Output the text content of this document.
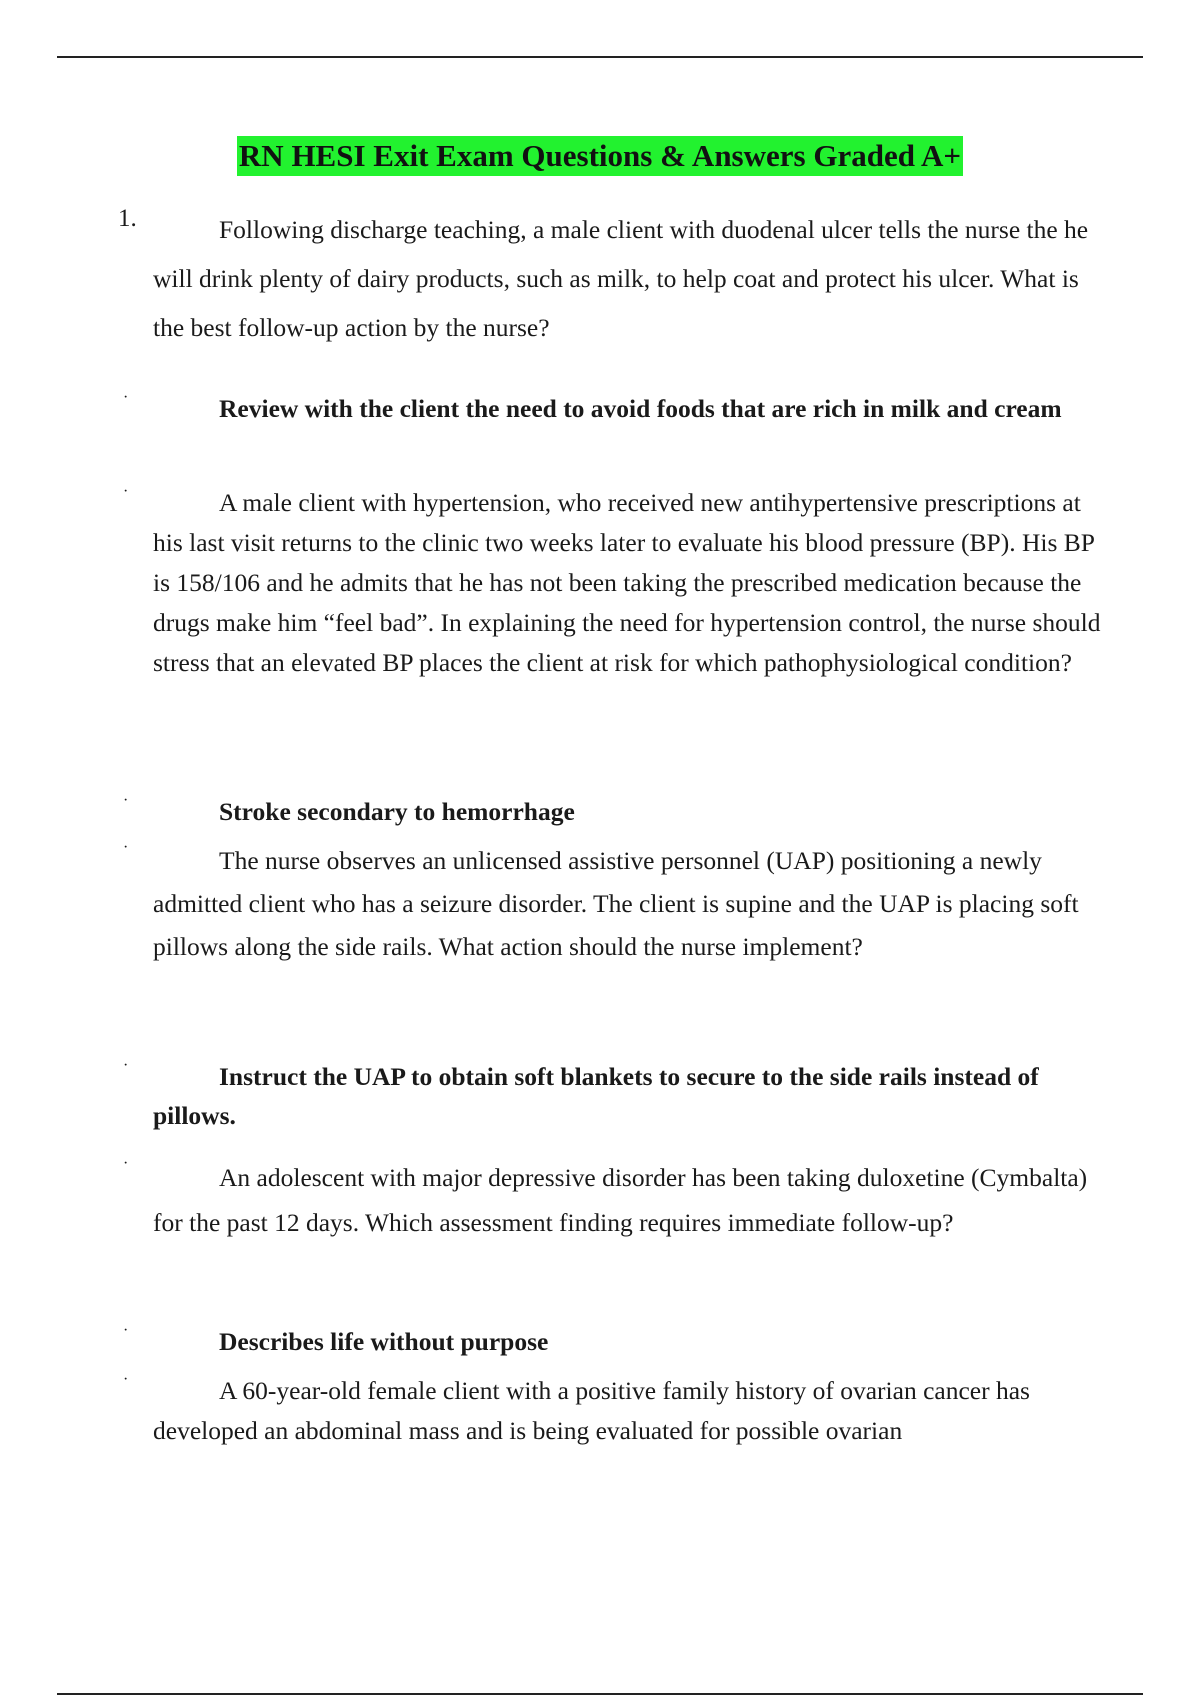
RN HESI Exit Exam Questions & Answers Graded A+
1.	Following discharge teaching, a male client with duodenal ulcer tells the nurse the he will drink plenty of dairy products, such as milk, to help coat and protect his ulcer. What is the best follow-up action by the nurse?
·	Review with the client the need to avoid foods that are rich in milk and cream
·	A male client with hypertension, who received new antihypertensive prescriptions at his last visit returns to the clinic two weeks later to evaluate his blood pressure (BP). His BP is 158/106 and he admits that he has not been taking the prescribed medication because the drugs make him “feel bad”. In explaining the need for hypertension control, the nurse should stress that an elevated BP places the client at risk for which pathophysiological condition?
·	Stroke secondary to hemorrhage
·	The nurse observes an unlicensed assistive personnel (UAP) positioning a newly admitted client who has a seizure disorder. The client is supine and the UAP is placing soft pillows along the side rails. What action should the nurse implement?
·	Instruct the UAP to obtain soft blankets to secure to the side rails instead of pillows.
·	An adolescent with major depressive disorder has been taking duloxetine (Cymbalta) for the past 12 days. Which assessment finding requires immediate follow-up?
·	Describes life without purpose
·	A 60-year-old female client with a positive family history of ovarian cancer has developed an abdominal mass and is being evaluated for possible ovarian
